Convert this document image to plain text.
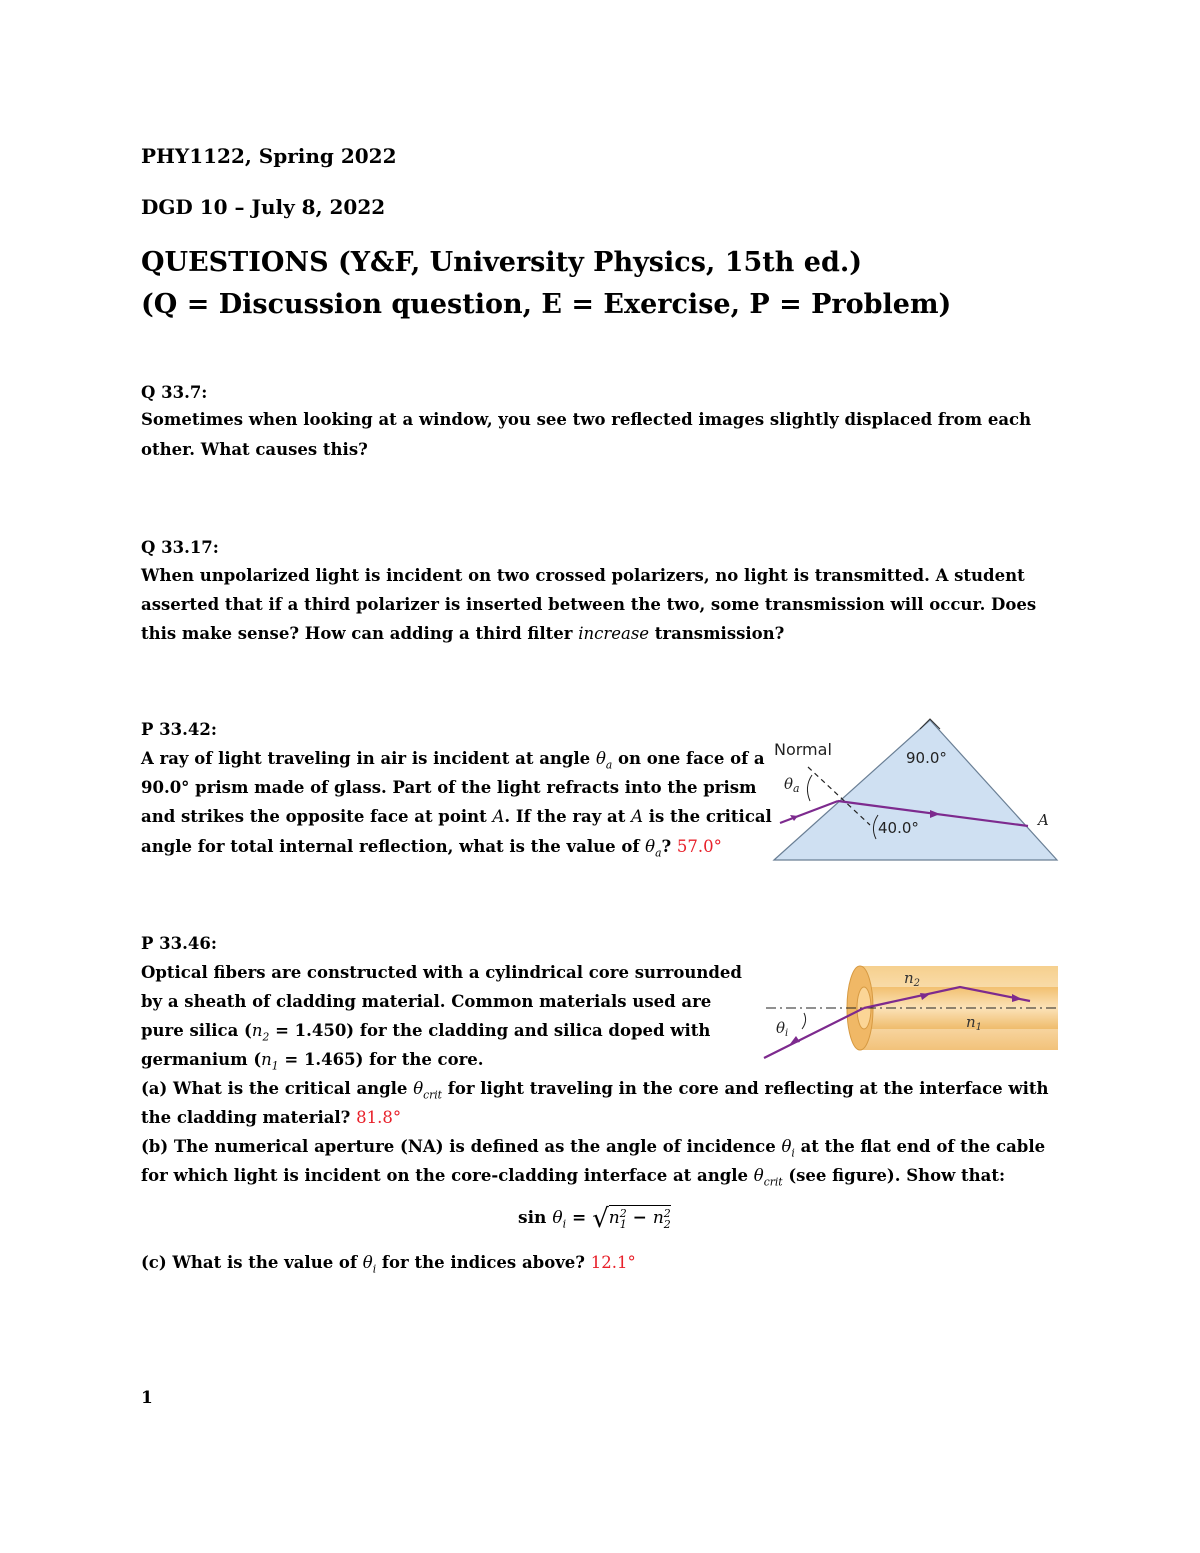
PHY1122, Spring 2022
DGD 10 – July 8, 2022
QUESTIONS (Y&F, University Physics, 15th ed.)
(Q = Discussion question, E = Exercise, P = Problem)
Q 33.7:
Sometimes when looking at a window, you see two reflected images slightly displaced from each
other. What causes this?
Q 33.17:
When unpolarized light is incident on two crossed polarizers, no light is transmitted. A student
asserted that if a third polarizer is inserted between the two, some transmission will occur. Does
this make sense? How can adding a third filter increase transmission?
P 33.42:
A ray of light traveling in air is incident at angle $\theta_a$ on one face of a
90.0° prism made of glass. Part of the light refracts into the prism
and strikes the opposite face at point A. If the ray at A is the critical
angle for total internal reflection, what is the value of $\theta_a$? 57.0°
90.0°
Normal
$\theta_a$
40.0°	A
P 33.46:
Optical fibers are constructed with a cylindrical core surrounded
by a sheath of cladding material. Common materials used are
pure silica $(n_2 = 1.450)$ for the cladding and silica doped with
germanium $(n_1 = 1.465)$ for the core.
(a) What is the critical angle $\theta_{crit}$ for light traveling in the core and reflecting at the interface with
the cladding material? 81.8°
(b) The numerical aperture (NA) is defined as the angle of incidence $\theta_i$ at the flat end of the cable
for which light is incident on the core-cladding interface at angle $\theta_{crit}$ (see figure). Show that:
$\sin \theta_i = √n2$
1 − n2
2
(c) What is the value of $\theta_i$ for the indices above? 12.1°
$n_2$
$n_1$
$\theta_i$
1
